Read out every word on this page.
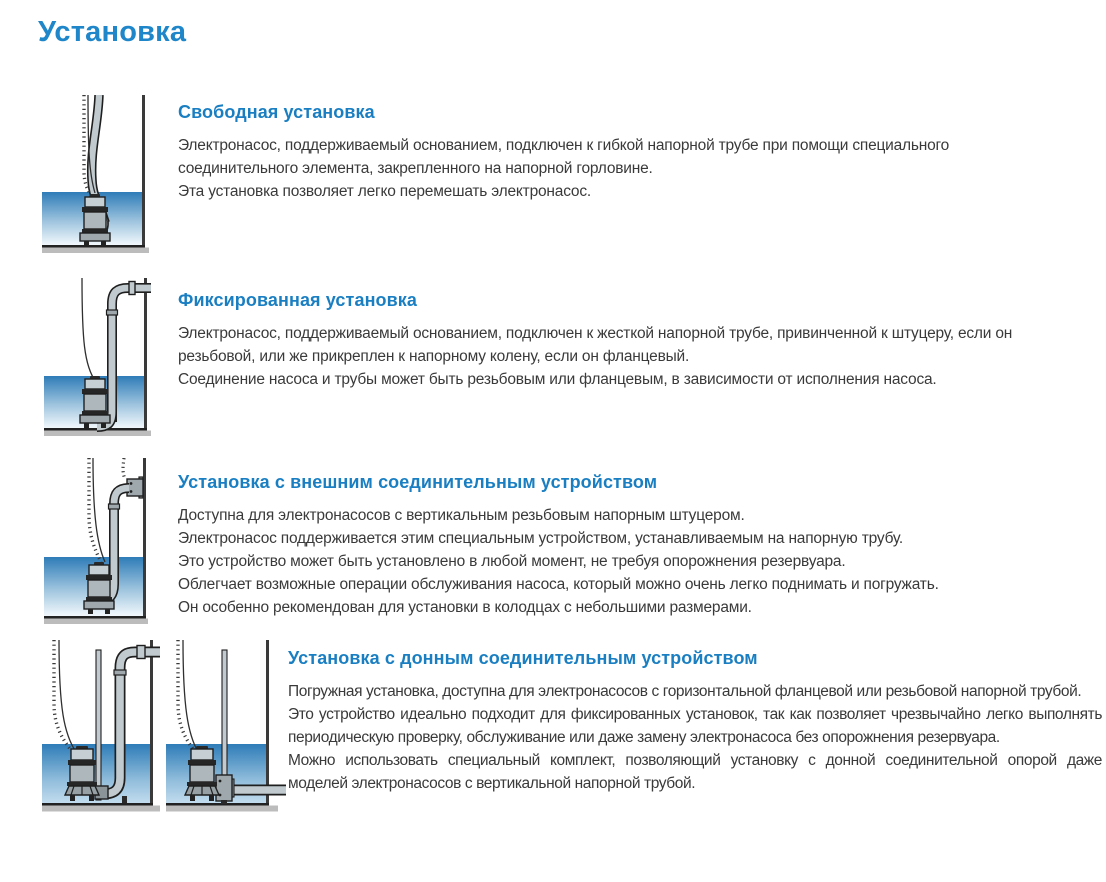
Установка
Свободная установка

Электронасос, поддерживаемый основанием, подключен к гибкой напорной трубе при помощи специального соединительного элемента, закрепленного на напорной горловине.

Эта установка позволяет легко перемешать электронасос.

Фиксированная установка

Электронасос, поддерживаемый основанием, подключен к жесткой напорной трубе, привинченной к штуцеру, если он резьбовой, или же прикреплен к напорному колену, если он фланцевый.

Соединение насоса и трубы может быть резьбовым или фланцевым, в зависимости от исполнения насоса.

Установка с внешним соединительным устройством

Доступна для электронасосов с вертикальным резьбовым напорным штуцером.

Электронасос поддерживается этим специальным устройством, устанавливаемым на напорную трубу.

Это устройство может быть установлено в любой момент, не требуя опорожнения резервуара.

Облегчает возможные операции обслуживания насоса, который можно очень легко поднимать и погружать.

Он особенно рекомендован для установки в колодцах с небольшими размерами.

Установка с донным соединительным устройством

Погружная установка, доступна для электронасосов с горизонтальной фланцевой или резьбовой напорной трубой.

Это устройство идеально подходит для фиксированных установок, так как позволяет чрезвычайно легко выполнять периодическую проверку, обслуживание или даже замену электронасоса без опорожнения резервуара.

Можно использовать специальный комплект, позволяющий установку с донной соединительной опорой даже моделей электронасосов с вертикальной напорной трубой.
